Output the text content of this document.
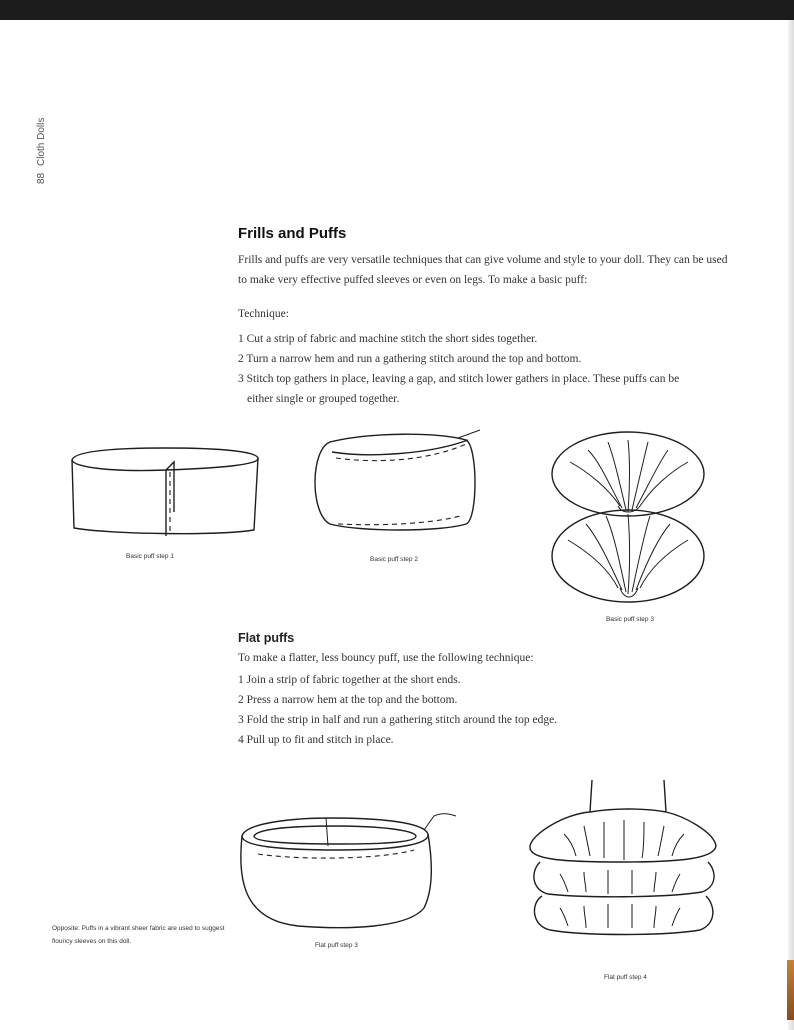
88 Cloth Dolls
Frills and Puffs

Frills and puffs are very versatile techniques that can give volume and style to your doll. They can be used to make very effective puffed sleeves or even on legs. To make a basic puff:

Technique:

1 Cut a strip of fabric and machine stitch the short sides together.
2 Turn a narrow hem and run a gathering stitch around the top and bottom.
3 Stitch top gathers in place, leaving a gap, and stitch lower gathers in place. These puffs can be
either single or grouped together.
Basic puff step 1	Basic puff step 2
Basic puff step 3
Flat puffs

To make a flatter, less bouncy puff, use the following technique:

1 Join a strip of fabric together at the short ends.
2 Press a narrow hem at the top and the bottom.
3 Fold the strip in half and run a gathering stitch around the top edge.
4 Pull up to fit and stitch in place.
Flat puff step 3
Flat puff step 4
Opposite: Puffs in a vibrant sheer fabric are used to suggest flouncy sleeves on this doll.
